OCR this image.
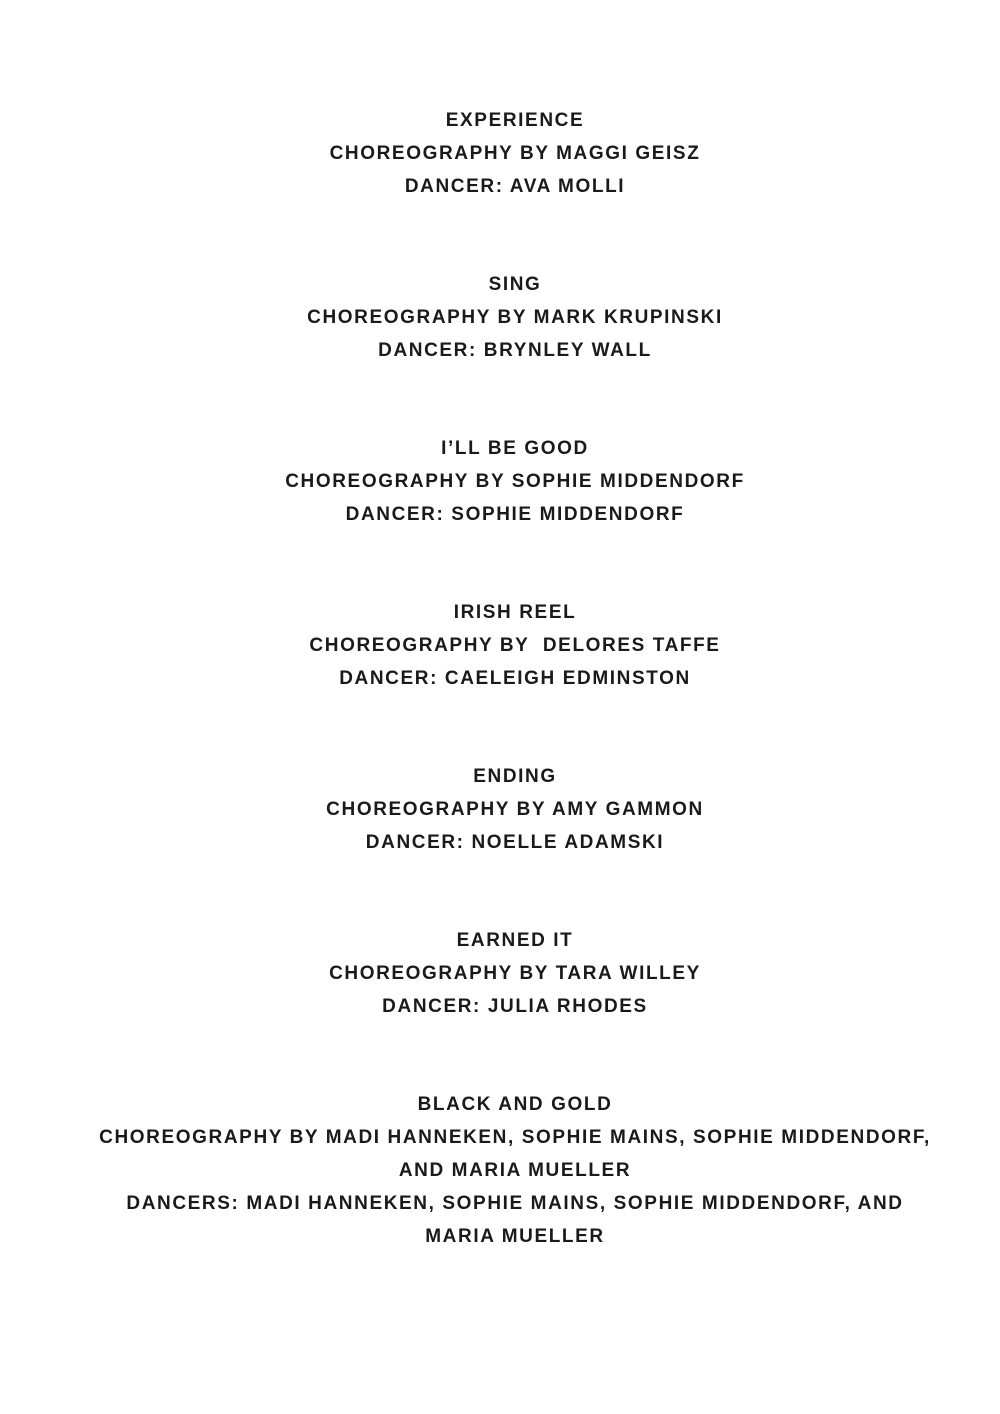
EXPERIENCE
CHOREOGRAPHY BY MAGGI GEISZ
DANCER: AVA MOLLI
SING
CHOREOGRAPHY BY MARK KRUPINSKI
DANCER: BRYNLEY WALL
I’LL BE GOOD
CHOREOGRAPHY BY SOPHIE MIDDENDORF
DANCER: SOPHIE MIDDENDORF
IRISH REEL
CHOREOGRAPHY BY  DELORES TAFFE
DANCER: CAELEIGH EDMINSTON
ENDING
CHOREOGRAPHY BY AMY GAMMON
DANCER: NOELLE ADAMSKI
EARNED IT
CHOREOGRAPHY BY TARA WILLEY
DANCER: JULIA RHODES
BLACK AND GOLD
CHOREOGRAPHY BY MADI HANNEKEN, SOPHIE MAINS, SOPHIE MIDDENDORF,
AND MARIA MUELLER
DANCERS: MADI HANNEKEN, SOPHIE MAINS, SOPHIE MIDDENDORF, AND
MARIA MUELLER
